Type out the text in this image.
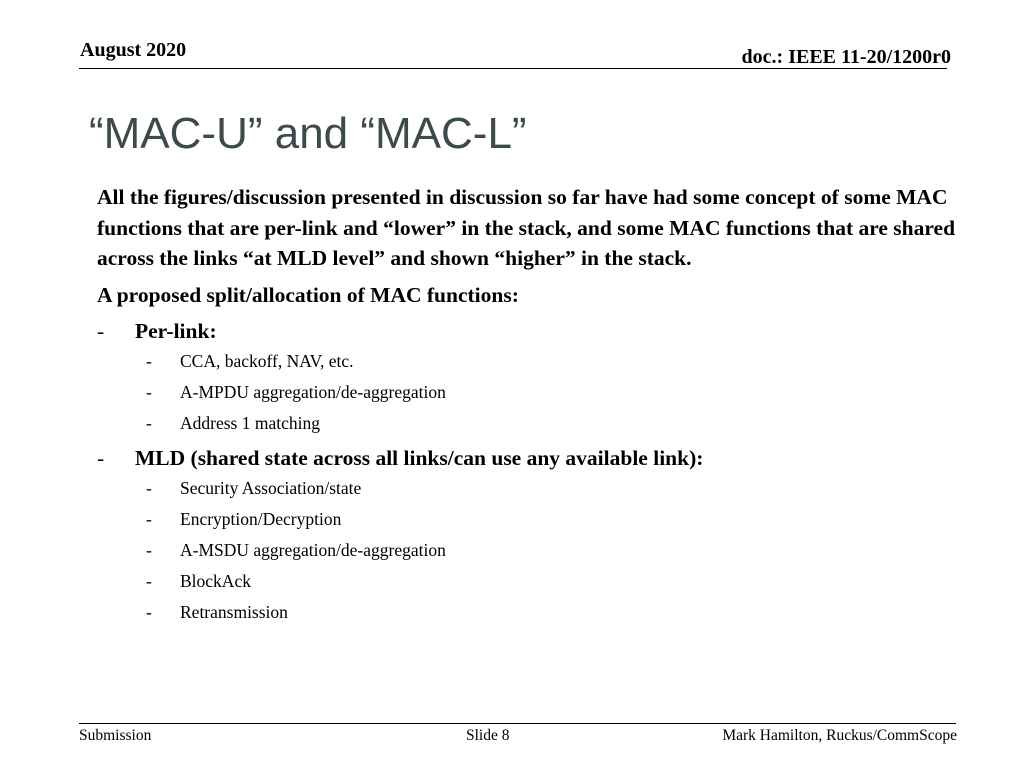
August 2020	doc.: IEEE 11-20/1200r0
“MAC-U” and “MAC-L”

All the figures/discussion presented in discussion so far have had some concept of some MAC functions that are per-link and “lower” in the stack, and some MAC functions that are shared across the links “at MLD level” and shown “higher” in the stack.

A proposed split/allocation of MAC functions:

- Per-link:
- CCA, backoff, NAV, etc.
- A-MPDU aggregation/de-aggregation
- Address 1 matching
- MLD (shared state across all links/can use any available link):
- Security Association/state
- Encryption/Decryption
- A-MSDU aggregation/de-aggregation
- BlockAck
- Retransmission
Submission	Slide 8	Mark Hamilton, Ruckus/CommScope
